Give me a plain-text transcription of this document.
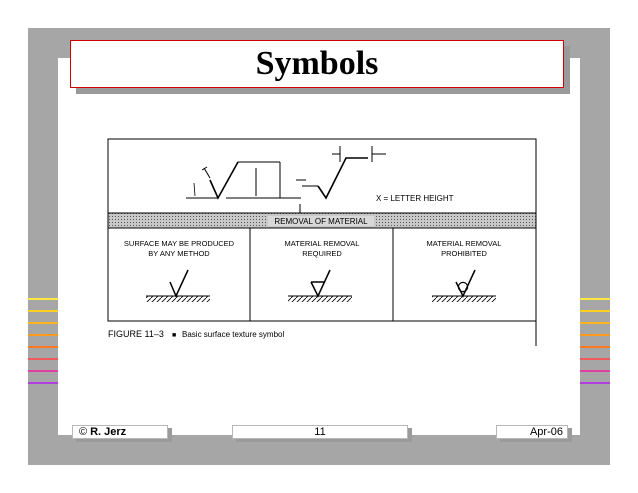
Symbols
X = LETTER HEIGHT
REMOVAL OF MATERIAL
SURFACE MAY BE PRODUCED
BY ANY METHOD
MATERIAL REMOVAL
REQUIRED
MATERIAL REMOVAL
PROHIBITED
FIGURE 11–3 ■ Basic surface texture symbol
© R. Jerz	11	Apr-06
